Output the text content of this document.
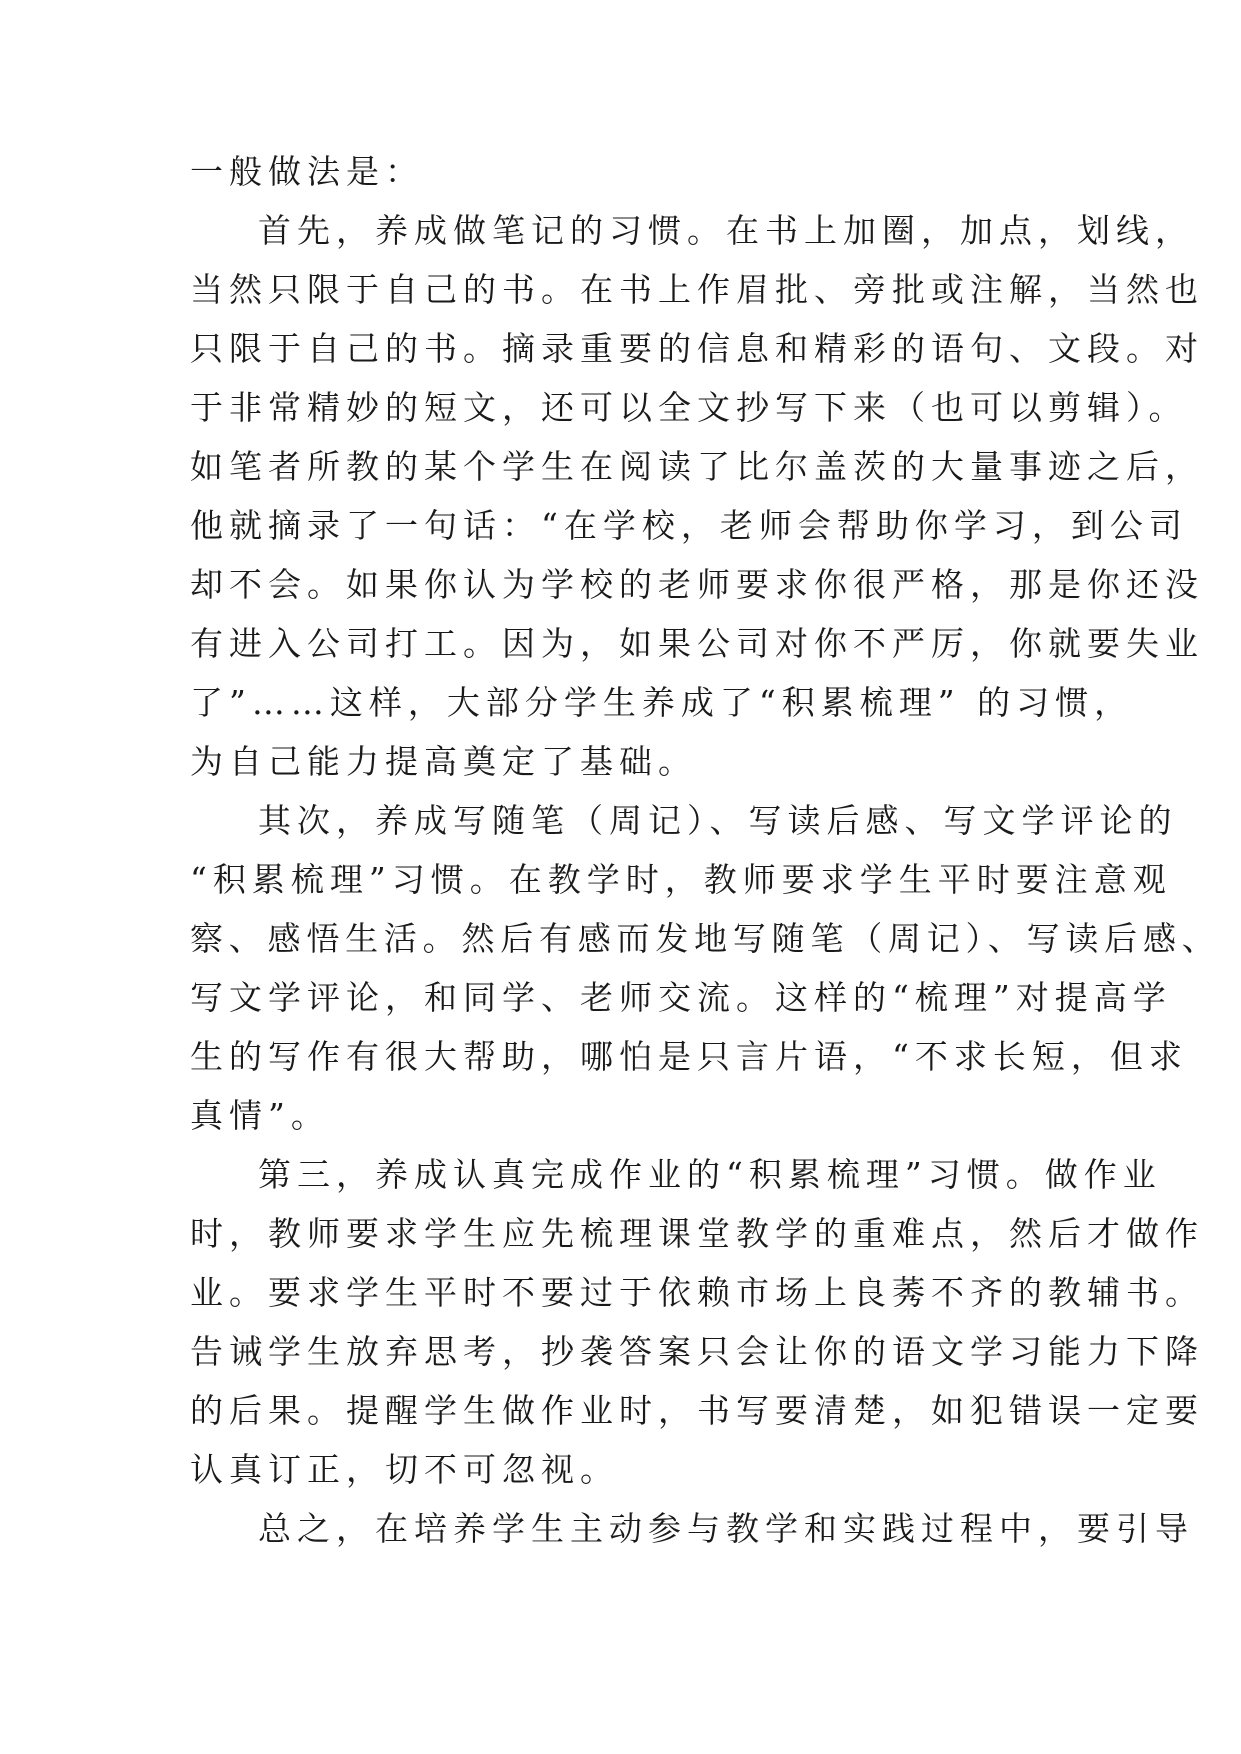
一般做法是：
首先，养成做笔记的习惯。在书上加圈，加点，划线，
当然只限于自己的书。在书上作眉批、旁批或注解，当然也
只限于自己的书。摘录重要的信息和精彩的语句、文段。对
于非常精妙的短文，还可以全文抄写下来（也可以剪辑）。
如笔者所教的某个学生在阅读了比尔盖茨的大量事迹之后，
他就摘录了一句话：“在学校，老师会帮助你学习，到公司
却不会。如果你认为学校的老师要求你很严格，那是你还没
有进入公司打工。因为，如果公司对你不严厉，你就要失业
了”……这样，大部分学生养成了“积累梳理” 的习惯，
为自己能力提高奠定了基础。
其次，养成写随笔（周记）、写读后感、写文学评论的
“积累梳理”习惯。在教学时，教师要求学生平时要注意观
察、感悟生活。然后有感而发地写随笔（周记）、写读后感、
写文学评论，和同学、老师交流。这样的“梳理”对提高学
生的写作有很大帮助，哪怕是只言片语，“不求长短，但求
真情”。
第三，养成认真完成作业的“积累梳理”习惯。做作业
时，教师要求学生应先梳理课堂教学的重难点，然后才做作
业。要求学生平时不要过于依赖市场上良莠不齐的教辅书。
告诫学生放弃思考，抄袭答案只会让你的语文学习能力下降
的后果。提醒学生做作业时，书写要清楚，如犯错误一定要
认真订正，切不可忽视。
总之，在培养学生主动参与教学和实践过程中，要引导
